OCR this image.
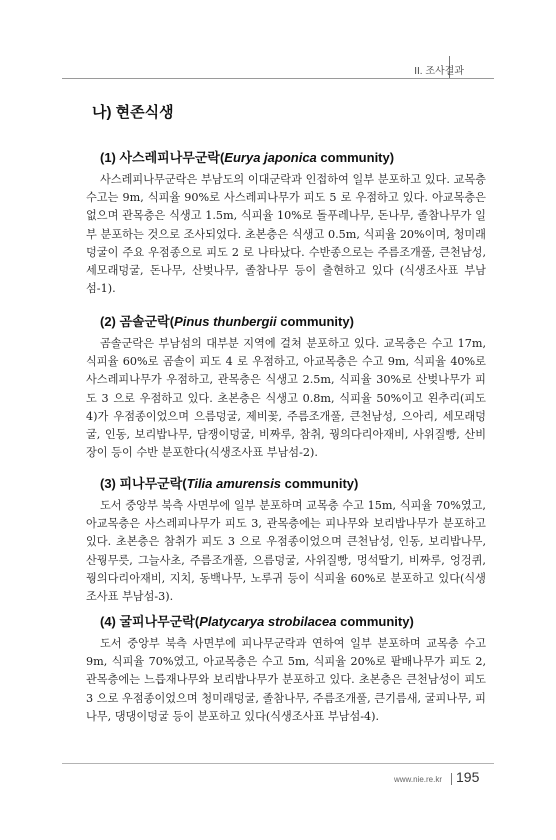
II. 조사결과
나) 현존식생
(1) 사스레피나무군락(Eurya japonica community)
사스레피나무군락은 부남도의 이대군락과 인접하여 일부 분포하고 있다. 교목층 수고는 9m, 식피율 90%로 사스레피나무가 피도 5 로 우점하고 있다. 아교목층은 없으며 관목층은 식생고 1.5m, 식피율 10%로 돌푸레나무, 돈나무, 졸참나무가 일부 분포하는 것으로 조사되었다. 초본층은 식생고 0.5m, 식피율 20%이며, 청미래덩굴이 주요 우점종으로 피도 2 로 나타났다. 수반종으로는 주름조개풀, 큰천남성, 세모래덩굴, 돈나무, 산벚나무, 졸참나무 등이 출현하고 있다 (식생조사표 부남섬-1).
(2) 곰솔군락(Pinus thunbergii community)
곰솔군락은 부남섬의 대부분 지역에 걸쳐 분포하고 있다. 교목층은 수고 17m, 식피율 60%로 곰솔이 피도 4 로 우점하고, 아교목층은 수고 9m, 식피율 40%로 사스레피나무가 우점하고, 관목층은 식생고 2.5m, 식피율 30%로 산벚나무가 피도 3 으로 우점하고 있다. 초본층은 식생고 0.8m, 식피율 50%이고 왼추리(피도 4)가 우점종이었으며 으름덩굴, 제비꽃, 주름조개풀, 큰천남성, 으아리, 세모래덩굴, 인동, 보리밥나무, 담쟁이덩굴, 비짜루, 참취, 꿩의다리아재비, 사위질빵, 산비장이 등이 수반 분포한다(식생조사표 부남섬-2).
(3) 피나무군락(Tilia amurensis community)
도서 중앙부 북측 사면부에 일부 분포하며 교목층 수고 15m, 식피율 70%였고, 아교목층은 사스레피나무가 피도 3, 관목층에는 피나무와 보리밥나무가 분포하고 있다. 초본층은 참취가 피도 3 으로 우점종이었으며 큰천남성, 인동, 보리밥나무, 산꿩무릇, 그늘사초, 주름조개풀, 으름덩굴, 사위질빵, 멍석딸기, 비짜루, 엉겅퀴, 꿩의다리아재비, 지치, 동백나무, 노루귀 등이 식피율 60%로 분포하고 있다(식생조사표 부남섬-3).
(4) 굴피나무군락(Platycarya strobilacea community)
도서 중앙부 북측 사면부에 피나무군락과 연하여 일부 분포하며 교목층 수고 9m, 식피율 70%였고, 아교목층은 수고 5m, 식피율 20%로 팥배나무가 피도 2, 관목층에는 느릅재나무와 보리밥나무가 분포하고 있다. 초본층은 큰천남성이 피도 3 으로 우점종이었으며 청미래덩굴, 졸참나무, 주름조개풀, 큰기름새, 굴피나무, 피나무, 댕댕이덩굴 등이 분포하고 있다(식생조사표 부남섬-4).
www.nie.re.kr 195
